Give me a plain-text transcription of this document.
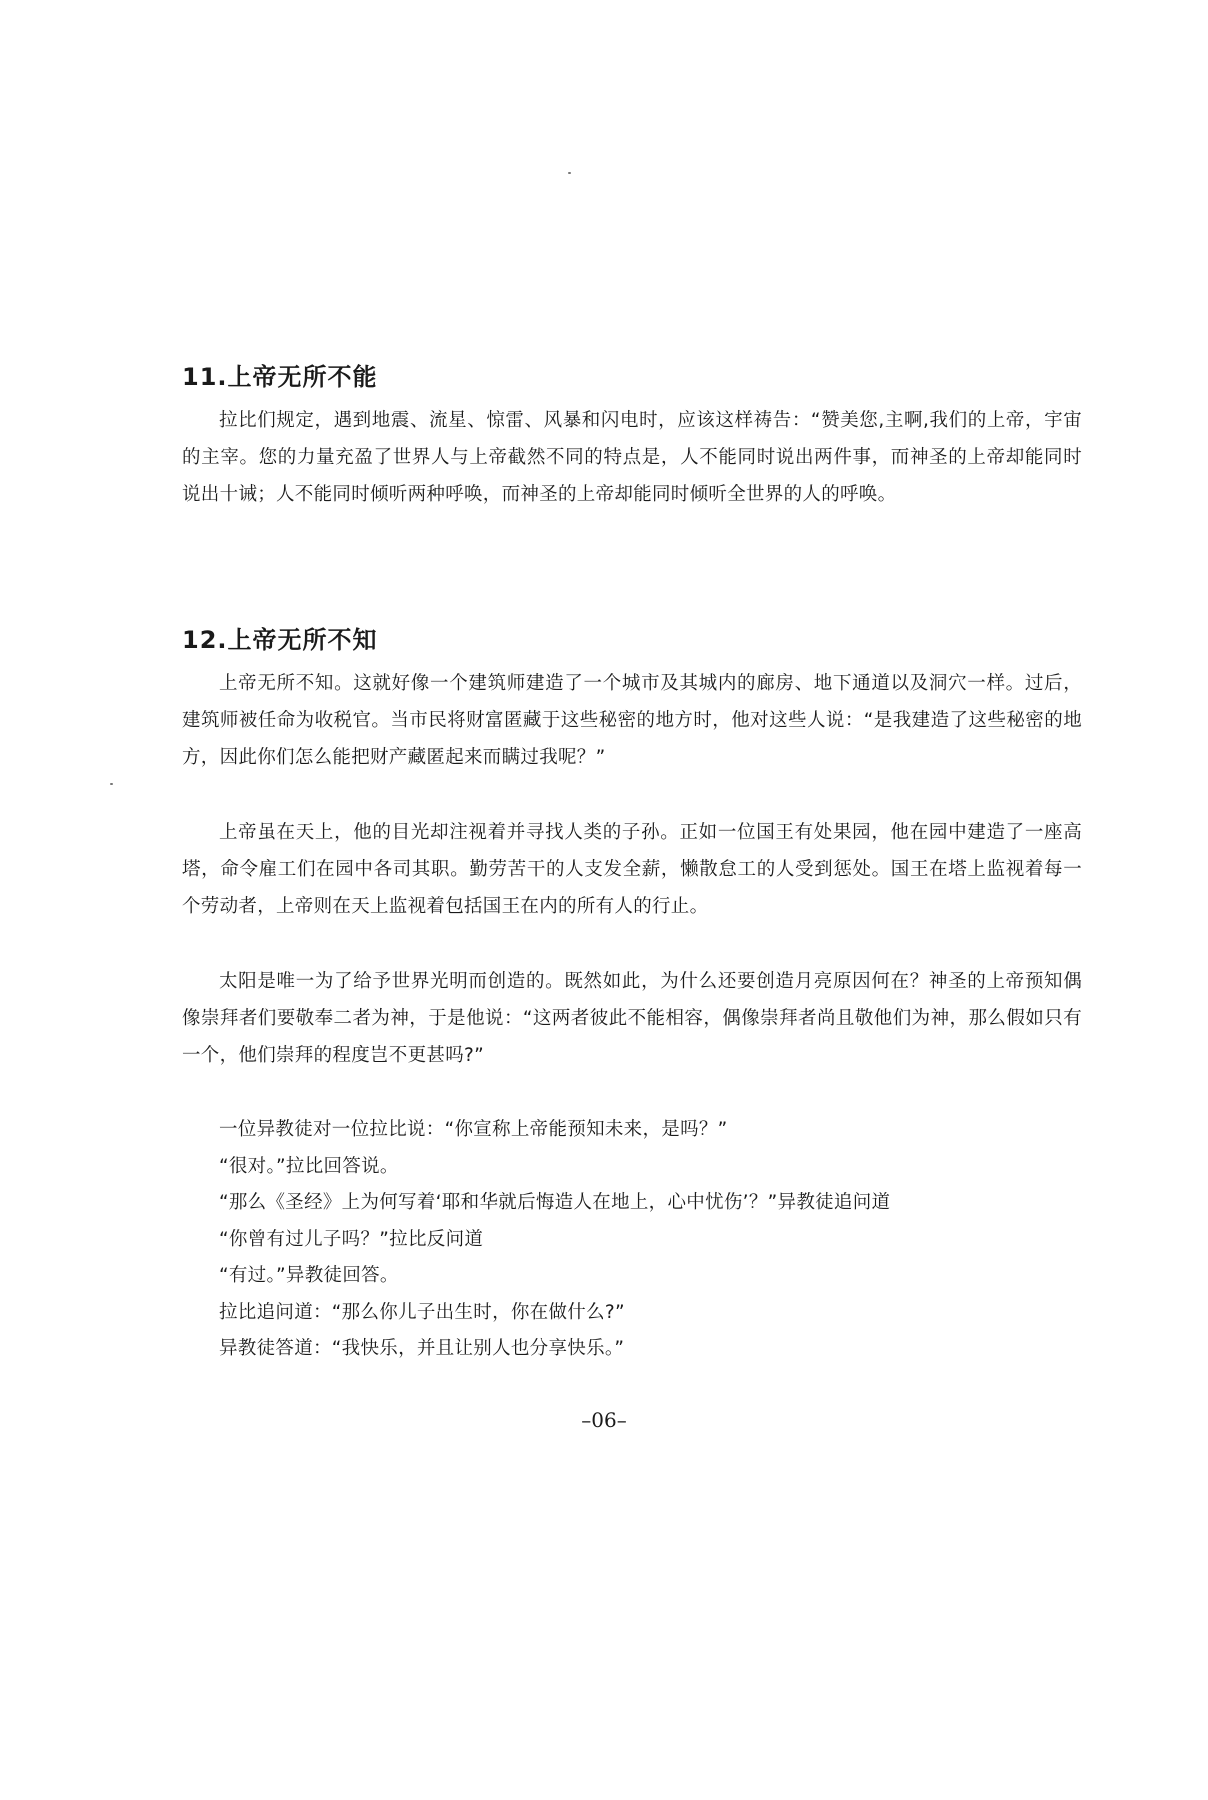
11.上帝无所不能

拉比们规定，遇到地震、流星、惊雷、风暴和闪电时，应该这样祷告：“赞美您,主啊,我们的上帝，宇宙的主宰。您的力量充盈了世界人与上帝截然不同的特点是，人不能同时说出两件事，而神圣的上帝却能同时说出十诫；人不能同时倾听两种呼唤，而神圣的上帝却能同时倾听全世界的人的呼唤。

12.上帝无所不知

上帝无所不知。这就好像一个建筑师建造了一个城市及其城内的廊房、地下通道以及洞穴一样。过后，建筑师被任命为收税官。当市民将财富匿藏于这些秘密的地方时，他对这些人说：“是我建造了这些秘密的地方，因此你们怎么能把财产藏匿起来而瞒过我呢？”

上帝虽在天上，他的目光却注视着并寻找人类的子孙。正如一位国王有处果园，他在园中建造了一座高塔，命令雇工们在园中各司其职。勤劳苦干的人支发全薪，懒散怠工的人受到惩处。国王在塔上监视着每一个劳动者，上帝则在天上监视着包括国王在内的所有人的行止。

太阳是唯一为了给予世界光明而创造的。既然如此，为什么还要创造月亮原因何在？神圣的上帝预知偶像崇拜者们要敬奉二者为神，于是他说：“这两者彼此不能相容，偶像崇拜者尚且敬他们为神，那么假如只有一个，他们崇拜的程度岂不更甚吗?”

一位异教徒对一位拉比说：“你宣称上帝能预知未来，是吗？”
“很对。”拉比回答说。
“那么《圣经》上为何写着‘耶和华就后悔造人在地上，心中忧伤’？”异教徒追问道
“你曾有过儿子吗？”拉比反问道
“有过。”异教徒回答。
拉比追问道：“那么你儿子出生时，你在做什么?”
异教徒答道：“我快乐，并且让别人也分享快乐。”
–06–
